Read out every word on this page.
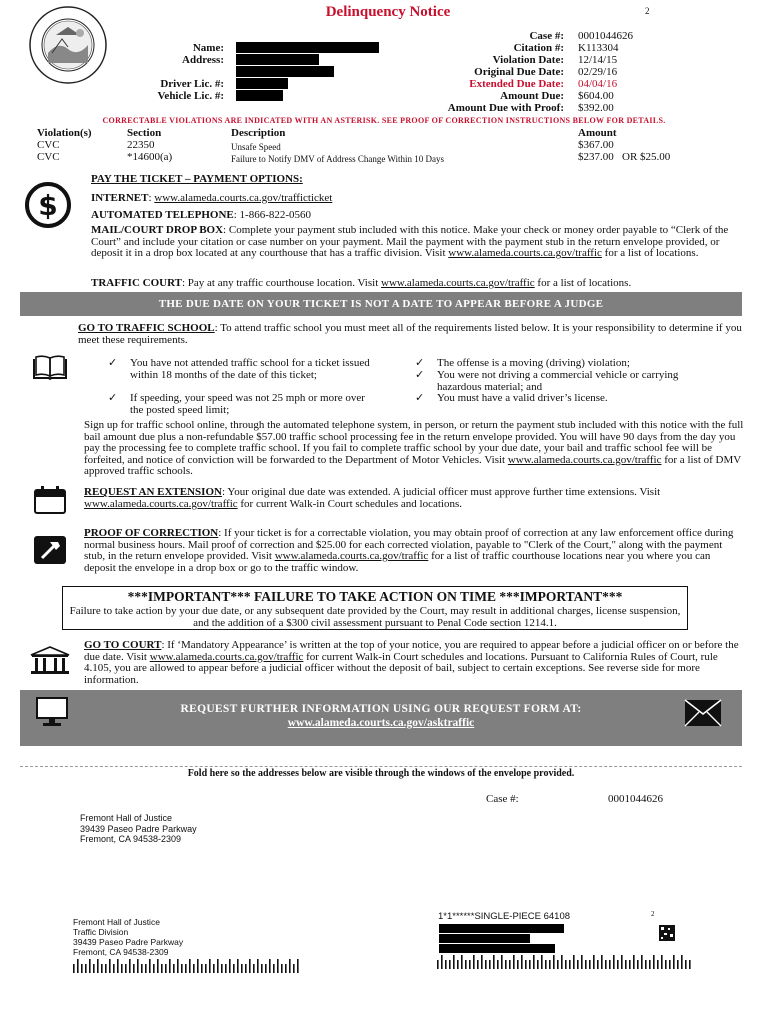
Delinquency Notice	2
Name:
Address:
Driver Lic. #:
Vehicle Lic. #:
Case #: 0001044626
Citation #: K113304
Violation Date: 12/14/15
Original Due Date: 02/29/16
Extended Due Date: 04/04/16
Amount Due: $604.00
Amount Due with Proof: $392.00
CORRECTABLE VIOLATIONS ARE INDICATED WITH AN ASTERISK. SEE PROOF OF CORRECTION INSTRUCTIONS BELOW FOR DETAILS.
Violation(s)	Section	Description	Amount
CVC	22350	Unsafe Speed	$367.00
CVC	*14600(a)	Failure to Notify DMV of Address Change Within 10 Days	$237.00   OR $25.00
$
PAY THE TICKET – PAYMENT OPTIONS:
INTERNET: www.alameda.courts.ca.gov/trafficticket
AUTOMATED TELEPHONE: 1-866-822-0560
MAIL/COURT DROP BOX: Complete your payment stub included with this notice. Make your check or money order payable to “Clerk of the Court” and include your citation or case number on your payment. Mail the payment with the payment stub in the return envelope provided, or deposit it in a drop box located at any courthouse that has a traffic division. Visit www.alameda.courts.ca.gov/traffic for a list of locations.
TRAFFIC COURT: Pay at any traffic courthouse location. Visit www.alameda.courts.ca.gov/traffic for a list of locations.
THE DUE DATE ON YOUR TICKET IS NOT A DATE TO APPEAR BEFORE A JUDGE
GO TO TRAFFIC SCHOOL: To attend traffic school you must meet all of the requirements listed below. It is your responsibility to determine if you meet these requirements.
✓ You have not attended traffic school for a ticket issued within 18 months of the date of this ticket;
✓ If speeding, your speed was not 25 mph or more over the posted speed limit;
✓ The offense is a moving (driving) violation;
✓ You were not driving a commercial vehicle or carrying hazardous material; and
✓ You must have a valid driver’s license.
Sign up for traffic school online, through the automated telephone system, in person, or return the payment stub included with this notice with the full bail amount due plus a non-refundable $57.00 traffic school processing fee in the return envelope provided. You will have 90 days from the day you pay the processing fee to complete traffic school. If you fail to complete traffic school by your due date, your bail and traffic school fee will be forfeited, and notice of conviction will be forwarded to the Department of Motor Vehicles. Visit www.alameda.courts.ca.gov/traffic for a list of DMV approved traffic schools.
REQUEST AN EXTENSION: Your original due date was extended. A judicial officer must approve further time extensions. Visit www.alameda.courts.ca.gov/traffic for current Walk-in Court schedules and locations.
PROOF OF CORRECTION: If your ticket is for a correctable violation, you may obtain proof of correction at any law enforcement office during normal business hours. Mail proof of correction and $25.00 for each corrected violation, payable to "Clerk of the Court," along with the payment stub, in the return envelope provided. Visit www.alameda.courts.ca.gov/traffic for a list of traffic courthouse locations near you where you can deposit the envelope in a drop box or go to the traffic window.
***IMPORTANT*** FAILURE TO TAKE ACTION ON TIME ***IMPORTANT***
Failure to take action by your due date, or any subsequent date provided by the Court, may result in additional charges, license suspension, and the addition of a $300 civil assessment pursuant to Penal Code section 1214.1.
GO TO COURT: If ‘Mandatory Appearance’ is written at the top of your notice, you are required to appear before a judicial officer on or before the due date. Visit www.alameda.courts.ca.gov/traffic for current Walk-in Court schedules and locations. Pursuant to California Rules of Court, rule 4.105, you are allowed to appear before a judicial officer without the deposit of bail, subject to certain exceptions. See reverse side for more information.
REQUEST FURTHER INFORMATION USING OUR REQUEST FORM AT:
www.alameda.courts.ca.gov/asktraffic
Fold here so the addresses below are visible through the windows of the envelope provided.
Case #:	0001044626
Fremont Hall of Justice
39439 Paseo Padre Parkway
Fremont, CA 94538-2309
Fremont Hall of Justice
Traffic Division
39439 Paseo Padre Parkway
Fremont, CA 94538-2309
1*1******SINGLE-PIECE 64108	2
